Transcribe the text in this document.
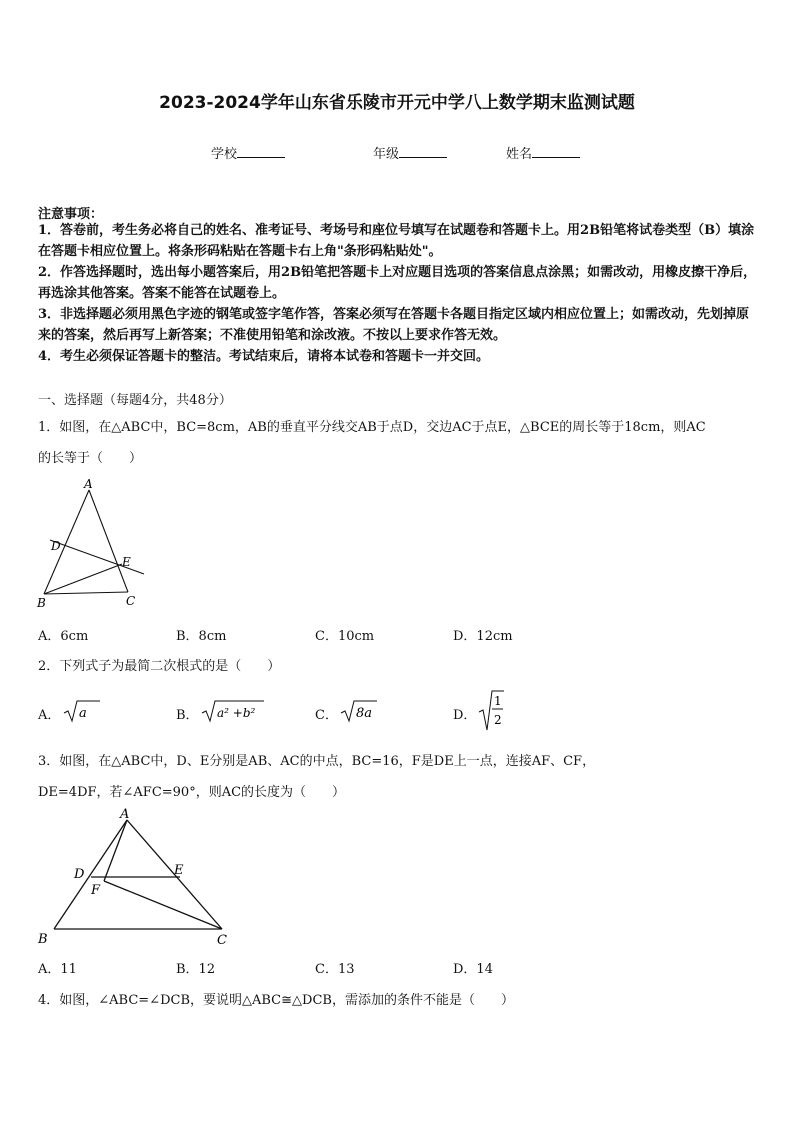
2023-2024学年山东省乐陵市开元中学八上数学期末监测试题
学校	年级	姓名
注意事项：
1．答卷前，考生务必将自己的姓名、准考证号、考场号和座位号填写在试题卷和答题卡上。用2B铅笔将试卷类型（B）填涂在答题卡相应位置上。将条形码粘贴在答题卡右上角"条形码粘贴处"。
2．作答选择题时，选出每小题答案后，用2B铅笔把答题卡上对应题目选项的答案信息点涂黑；如需改动，用橡皮擦干净后，再选涂其他答案。答案不能答在试题卷上。
3．非选择题必须用黑色字迹的钢笔或签字笔作答，答案必须写在答题卡各题目指定区域内相应位置上；如需改动，先划掉原来的答案，然后再写上新答案；不准使用铅笔和涂改液。不按以上要求作答无效。
4．考生必须保证答题卡的整洁。考试结束后，请将本试卷和答题卡一并交回。
一、选择题（每题4分，共48分）
1．如图，在△ABC中，BC=8cm，AB的垂直平分线交AB于点D，交边AC于点E，△BCE的周长等于18cm，则AC
的长等于（　　）
A
D
E
B	C
A．6cm	B．8cm	C．10cm	D．12cm
2．下列式子为最简二次根式的是（　　）
A． a	B． a² +b²	C． 8a	D．
1
2
3．如图，在△ABC中，D、E分别是AB、AC的中点，BC=16，F是DE上一点，连接AF、CF，
DE=4DF，若∠AFC=90°，则AC的长度为（　　）
A
D	E
F
B	C
A．11	B．12	C．13	D．14
4．如图，∠ABC=∠DCB，要说明△ABC≅△DCB，需添加的条件不能是（　　）
